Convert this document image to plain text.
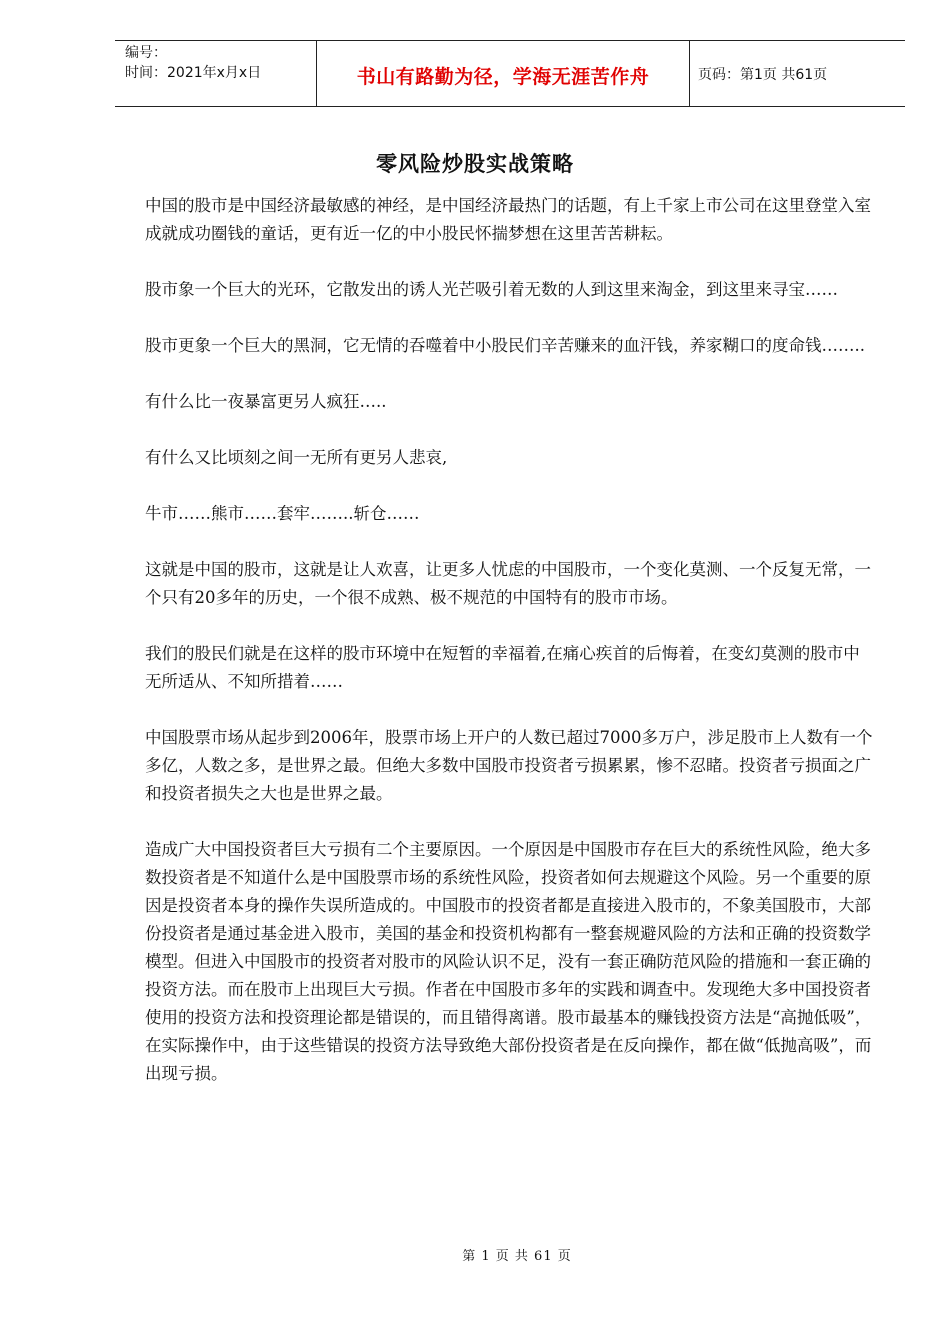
编号：
时间：2021年x月x日	书山有路勤为径，学海无涯苦作舟	页码：第1页 共61页
零风险炒股实战策略

中国的股市是中国经济最敏感的神经，是中国经济最热门的话题，有上千家上市公司在这里登堂入室成就成功圈钱的童话，更有近一亿的中小股民怀揣梦想在这里苦苦耕耘。

股市象一个巨大的光环，它散发出的诱人光芒吸引着无数的人到这里来淘金，到这里来寻宝……

股市更象一个巨大的黑洞，它无情的吞噬着中小股民们辛苦赚来的血汗钱，养家糊口的度命钱……..

有什么比一夜暴富更另人疯狂…..

有什么又比顷刻之间一无所有更另人悲哀,

牛市……熊市……套牢……..斩仓……

这就是中国的股市，这就是让人欢喜，让更多人忧虑的中国股市，一个变化莫测、一个反复无常，一个只有20多年的历史，一个很不成熟、极不规范的中国特有的股市市场。

我们的股民们就是在这样的股市环境中在短暂的幸福着,在痛心疾首的后悔着，在变幻莫测的股市中无所适从、不知所措着……

中国股票市场从起步到2006年，股票市场上开户的人数已超过7000多万户，涉足股市上人数有一个多亿，人数之多，是世界之最。但绝大多数中国股市投资者亏损累累，惨不忍睹。投资者亏损面之广和投资者损失之大也是世界之最。

造成广大中国投资者巨大亏损有二个主要原因。一个原因是中国股市存在巨大的系统性风险，绝大多数投资者是不知道什么是中国股票市场的系统性风险，投资者如何去规避这个风险。另一个重要的原因是投资者本身的操作失误所造成的。中国股市的投资者都是直接进入股市的，不象美国股市，大部份投资者是通过基金进入股市，美国的基金和投资机构都有一整套规避风险的方法和正确的投资数学模型。但进入中国股市的投资者对股市的风险认识不足，没有一套正确防范风险的措施和一套正确的投资方法。而在股市上出现巨大亏损。作者在中国股市多年的实践和调查中。发现绝大多中国投资者使用的投资方法和投资理论都是错误的，而且错得离谱。股市最基本的赚钱投资方法是“高抛低吸”，在实际操作中，由于这些错误的投资方法导致绝大部份投资者是在反向操作，都在做“低抛高吸”，而出现亏损。

第 1 页 共 61 页
